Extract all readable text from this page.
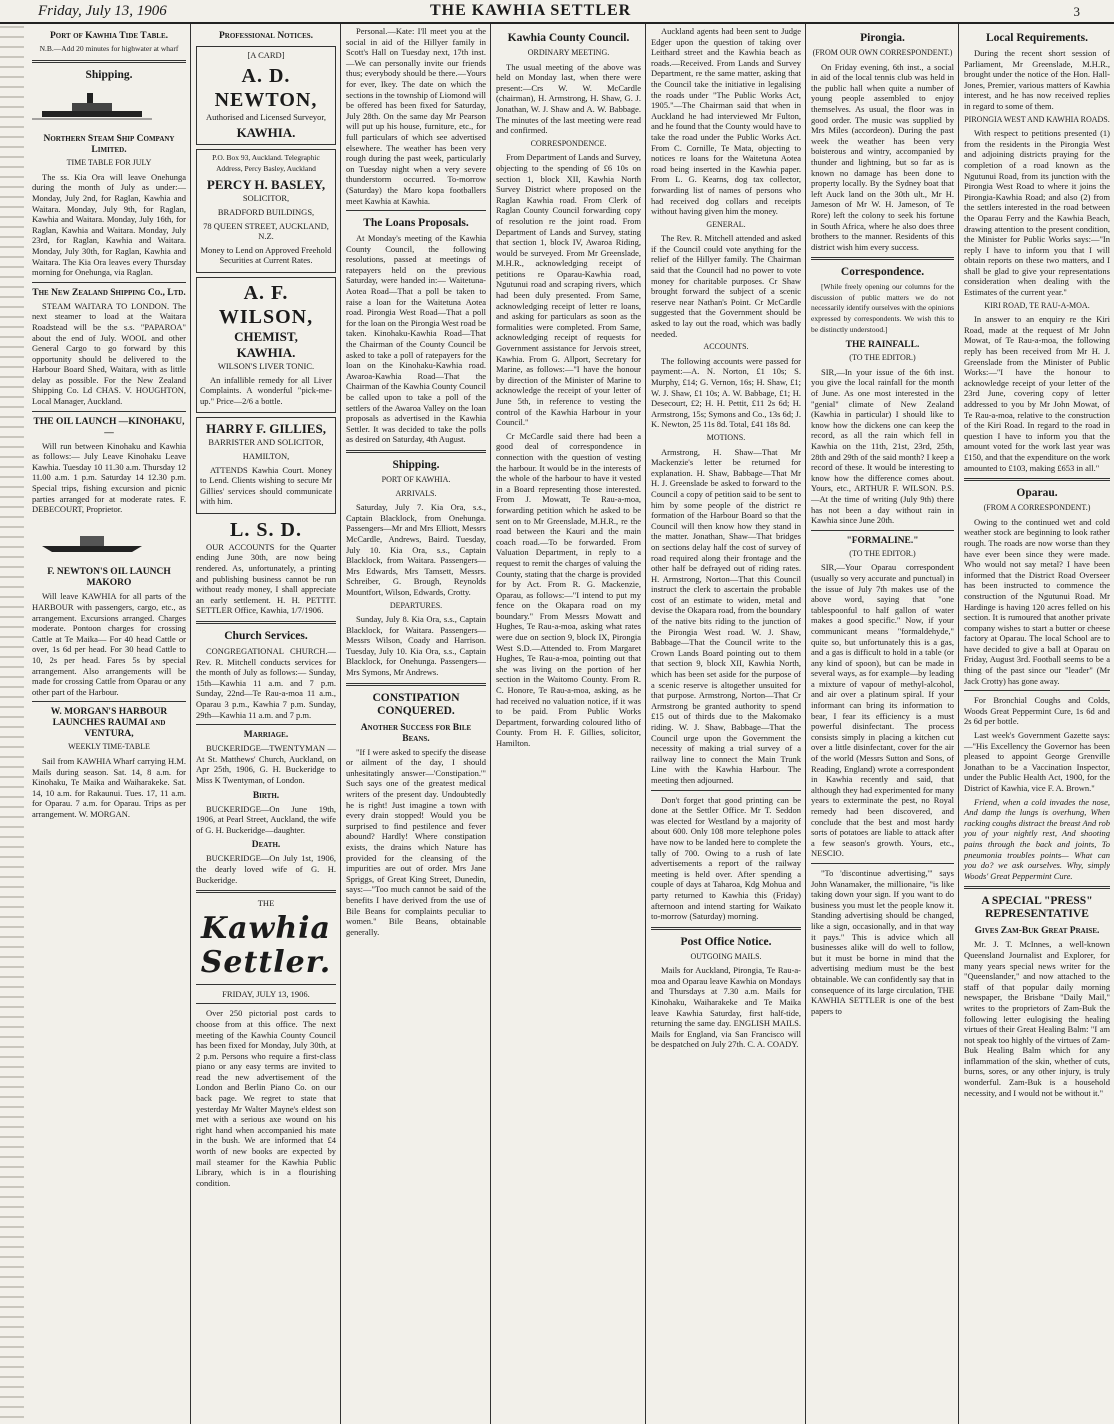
Friday, July 13, 1906	THE KAWHIA SETTLER	3
Port of Kawhia Tide Table.

N.B.—Add 20 minutes for highwater at wharf

Shipping.
Northern Steam Ship Company Limited.
TIME TABLE FOR JULY

The ss. Kia Ora will leave Onehunga during the month of July as under:— Monday, July 2nd, for Raglan, Kawhia and Waitara. Monday, July 9th, for Raglan, Kawhia and Waitara. Monday, July 16th, for Raglan, Kawhia and Waitara. Monday, July 23rd, for Raglan, Kawhia and Waitara. Monday, July 30th, for Raglan, Kawhia and Waitara. The Kia Ora leaves every Thursday morning for Onehunga, via Raglan.

The New Zealand Shipping Co., Ltd.

STEAM WAITARA TO LONDON. The next steamer to load at the Waitara Roadstead will be the s.s. "PAPAROA" about the end of July. WOOL and other General Cargo to go forward by this opportunity should be delivered to the Harbour Board Shed, Waitara, with as little delay as possible. For the New Zealand Shipping Co. Ld CHAS. V. HOUGHTON, Local Manager, Auckland.

THE OIL LAUNCH —KINOHAKU,—

Will run between Kinohaku and Kawhia as follows:— July Leave Kinohaku Leave Kawhia. Tuesday 10 11.30 a.m. Thursday 12 11.00 a.m. 1 p.m. Saturday 14 12.30 p.m. Special trips, fishing excursion and picnic parties arranged for at moderate rates. F. DEBECOURT, Proprietor.

F. NEWTON'S OIL LAUNCH MAKORO

Will leave KAWHIA for all parts of the HARBOUR with passengers, cargo, etc., as arrangement. Excursions arranged. Charges moderate. Pontoon charges for crossing Cattle at Te Maika— For 40 head Cattle or over, 1s 6d per head. For 30 head Cattle to 10, 2s per head. Fares 5s by special arrangement. Also arrangements will be made for crossing Cattle from Oparau or any other part of the Harbour.

W. MORGAN'S HARBOUR LAUNCHES RAUMAI and VENTURA,
WEEKLY TIME-TABLE

Sail from KAWHIA Wharf carrying H.M. Mails during season. Sat. 14, 8 a.m. for Kinohaku, Te Maika and Waiharakeke. Sat. 14, 10 a.m. for Rakaunui. Tues. 17, 11 a.m. for Oparau. 7 a.m. for Oparau. Trips as per arrangement. W. MORGAN.

Professional Notices.

[A CARD]

A. D. NEWTON,

Authorised and Licensed Surveyor,

KAWHIA.

P.O. Box 93, Auckland. Telegraphic Address, Percy Basley, Auckland

PERCY H. BASLEY,

SOLICITOR,

BRADFORD BUILDINGS,

78 QUEEN STREET, AUCKLAND, N.Z.

Money to Lend on Approved Freehold Securities at Current Rates.

A. F. WILSON,
CHEMIST,
KAWHIA.

WILSON'S LIVER TONIC.

An infallible remedy for all Liver Complaints. A wonderful "pick-me-up." Price—2/6 a bottle.

HARRY F. GILLIES,

BARRISTER AND SOLICITOR,

HAMILTON,

ATTENDS Kawhia Court. Money to Lend. Clients wishing to secure Mr Gillies' services should communicate with him.

L. S. D.

OUR ACCOUNTS for the Quarter ending June 30th, are now being rendered. As, unfortunately, a printing and publishing business cannot be run without ready money, I shall appreciate an early settlement. H. H. PETTIT. SETTLER Office, Kawhia, 1/7/1906.

Church Services.

CONGREGATIONAL CHURCH.—Rev. R. Mitchell conducts services for the month of July as follows:— Sunday, 15th—Kawhia 11 a.m. and 7 p.m. Sunday, 22nd—Te Rau-a-moa 11 a.m., Oparau 3 p.m., Kawhia 7 p.m. Sunday, 29th—Kawhia 11 a.m. and 7 p.m.

Marriage.

BUCKERIDGE—TWENTYMAN — At St. Matthews' Church, Auckland, on Apr 25th, 1906, G. H. Buckeridge to Miss K Twentyman, of London.

Birth.

BUCKERIDGE—On June 19th, 1906, at Pearl Street, Auckland, the wife of G. H. Buckeridge—daughter.

Death.

BUCKERIDGE—On July 1st, 1906, the dearly loved wife of G. H. Buckeridge.

THE

Kawhia Settler.

FRIDAY, JULY 13, 1906.

Over 250 pictorial post cards to choose from at this office. The next meeting of the Kawhia County Council has been fixed for Monday, July 30th, at 2 p.m. Persons who require a first-class piano or any easy terms are invited to read the new advertisement of the London and Berlin Piano Co. on our back page. We regret to state that yesterday Mr Walter Mayne's eldest son met with a serious axe wound on his right hand when accompanied his mate in the bush. We are informed that £4 worth of new books are expected by mail steamer for the Kawhia Public Library, which is in a flourishing condition.

Personal.—Kate: I'll meet you at the social in aid of the Hillyer family in Scott's Hall on Tuesday next, 17th inst.—We can personally invite our friends thus; everybody should be there.—Yours for ever, Ikey. The date on which the sections in the township of Liomond will be offered has been fixed for Saturday, July 28th. On the same day Mr Pearson will put up his house, furniture, etc., for full particulars of which see advertised elsewhere. The weather has been very rough during the past week, particularly on Tuesday night when a very severe thunderstorm occurred. To-morrow (Saturday) the Maro kopa footballers meet Kawhia at Kawhia.

The Loans Proposals.

At Monday's meeting of the Kawhia County Council, the following resolutions, passed at meetings of ratepayers held on the previous Saturday, were handed in:— Waitetuna-Aotea Road—That a poll be taken to raise a loan for the Waitetuna Aotea road. Pirongia West Road—That a poll for the loan on the Pirongia West road be taken. Kinohaku-Kawhia Road—That the Chairman of the County Council be asked to take a poll of ratepayers for the loan on the Kinohaku-Kawhia road. Awaroa-Kawhia Road—That the Chairman of the Kawhia County Council be called upon to take a poll of the settlers of the Awaroa Valley on the loan proposals as advertised in the Kawhia Settler. It was decided to take the polls as desired on Saturday, 4th August.

Shipping.
PORT OF KAWHIA.
ARRIVALS.

Saturday, July 7. Kia Ora, s.s., Captain Blacklock, from Onehunga. Passengers—Mr and Mrs Elliott, Messrs McCardle, Andrews, Baird. Tuesday, July 10. Kia Ora, s.s., Captain Blacklock, from Waitara. Passengers—Mrs Edwards, Mrs Tamsett, Messrs. Schreiber, G. Brough, Reynolds Mountfort, Wilson, Edwards, Crotty.

DEPARTURES.

Sunday, July 8. Kia Ora, s.s., Captain Blacklock, for Waitara. Passengers—Messrs Wilson, Coady and Harrison. Tuesday, July 10. Kia Ora, s.s., Captain Blacklock, for Onehunga. Passengers—Mrs Symons, Mr Andrews.

CONSTIPATION CONQUERED.
Another Success for Bile Beans.

"If I were asked to specify the disease or ailment of the day, I should unhesitatingly answer—'Constipation.'" Such says one of the greatest medical writers of the present day. Undoubtedly he is right! Just imagine a town with every drain stopped! Would you be surprised to find pestilence and fever abound? Hardly! Where constipation exists, the drains which Nature has provided for the cleansing of the impurities are out of order. Mrs Jane Spriggs, of Great King Street, Dunedin, says:—"Too much cannot be said of the benefits I have derived from the use of Bile Beans for complaints peculiar to women." Bile Beans, obtainable generally.

Kawhia County Council.
ORDINARY MEETING.

The usual meeting of the above was held on Monday last, when there were present:—Crs W. W. McCardle (chairman), H. Armstrong, H. Shaw, G. J. Jonathan, W. J. Shaw and A. W. Babbage. The minutes of the last meeting were read and confirmed.

CORRESPONDENCE.

From Department of Lands and Survey, objecting to the spending of £6 10s on section 1, block XII, Kawhia North Survey District where proposed on the Raglan Kawhia road. From Clerk of Raglan County Council forwarding copy of resolution re the joint road. From Department of Lands and Survey, stating that section 1, block IV, Awaroa Riding, would be surveyed. From Mr Greenslade, M.H.R., acknowledging receipt of petitions re Oparau-Kawhia road, Ngutunui road and scraping rivers, which had been duly presented. From Same, acknowledging receipt of letter re loans, and asking for particulars as soon as the formalities were completed. From Same, acknowledging receipt of requests for Government assistance for Jervois street, Kawhia. From G. Allport, Secretary for Marine, as follows:—"I have the honour by direction of the Minister of Marine to acknowledge the receipt of your letter of June 5th, in reference to vesting the control of the Kawhia Harbour in your Council."

Cr McCardle said there had been a good deal of correspondence in connection with the question of vesting the harbour. It would be in the interests of the whole of the harbour to have it vested in a Board representing those interested. From J. Mowatt, Te Rau-a-moa, forwarding petition which he asked to be sent on to Mr Greenslade, M.H.R., re the road between the Kauri and the main coach road.—To be forwarded. From Valuation Department, in reply to a request to remit the charges of valuing the County, stating that the charge is provided for by Act. From R. G. Mackenzie, Oparau, as follows:—"I intend to put my fence on the Okapara road on my boundary." From Messrs Mowatt and Hughes, Te Rau-a-moa, asking what rates were due on section 9, block IX, Pirongia West S.D.—Attended to. From Margaret Hughes, Te Rau-a-moa, pointing out that she was living on the portion of her section in the Waitomo County. From R. C. Honore, Te Rau-a-moa, asking, as he had received no valuation notice, if it was to be paid. From Public Works Department, forwarding coloured litho of County. From H. F. Gillies, solicitor, Hamilton.

Auckland agents had been sent to Judge Edger upon the question of taking over Leithard street and the Kawhia beach as roads.—Received. From Lands and Survey Department, re the same matter, asking that the Council take the initiative in legalising the roads under "The Public Works Act, 1905."—The Chairman said that when in Auckland he had interviewed Mr Fulton, and he found that the County would have to take the road under the Public Works Act. From C. Cornille, Te Mata, objecting to notices re loans for the Waitetuna Aotea road being inserted in the Kawhia paper. From L. G. Kearns, dog tax collector, forwarding list of names of persons who had received dog collars and receipts without having given him the money.

GENERAL.

The Rev. R. Mitchell attended and asked if the Council could vote anything for the relief of the Hillyer family. The Chairman said that the Council had no power to vote money for charitable purposes. Cr Shaw brought forward the subject of a scenic reserve near Nathan's Point. Cr McCardle suggested that the Government should be asked to lay out the road, which was badly needed.

ACCOUNTS.

The following accounts were passed for payment:—A. N. Norton, £1 10s; S. Murphy, £14; G. Vernon, 16s; H. Shaw, £1; W. J. Shaw, £1 10s; A. W. Babbage, £1; H. Desecourt, £2; H. H. Pettit, £11 2s 6d; H. Armstrong, 15s; Symons and Co., 13s 6d; J. K. Newton, 25 11s 8d. Total, £41 18s 8d.

MOTIONS.

Armstrong, H. Shaw—That Mr Mackenzie's letter be returned for explanation. H. Shaw, Babbage—That Mr H. J. Greenslade be asked to forward to the Council a copy of petition said to be sent to him by some people of the district re formation of the Harbour Board so that the Council will then know how they stand in the matter. Jonathan, Shaw—That bridges on sections delay half the cost of survey of road required along their frontage and the other half be defrayed out of riding rates. H. Armstrong, Norton—That this Council instruct the clerk to ascertain the probable cost of an estimate to widen, metal and devise the Okapara road, from the boundary of the native bits riding to the junction of the Pirongia West road. W. J. Shaw, Babbage—That the Council write to the Crown Lands Board pointing out to them that section 9, block XII, Kawhia North, which has been set aside for the purpose of a scenic reserve is altogether unsuited for that purpose. Armstrong, Norton—That Cr Armstrong be granted authority to spend £15 out of thirds due to the Makomako riding. W. J. Shaw, Babbage—That the Council urge upon the Government the necessity of making a trial survey of a railway line to connect the Main Trunk Line with the Kawhia Harbour. The meeting then adjourned.

Don't forget that good printing can be done at the Settler Office. Mr T. Seddon was elected for Westland by a majority of about 600. Only 108 more telephone poles have now to be landed here to complete the tally of 700. Owing to a rush of late advertisements a report of the railway meeting is held over. After spending a couple of days at Taharoa, Kdg Mohua and party returned to Kawhia this (Friday) afternoon and intend starting for Waikato to-morrow (Saturday) morning.

Post Office Notice.
OUTGOING MAILS.

Mails for Auckland, Pirongia, Te Rau-a-moa and Oparau leave Kawhia on Mondays and Thursdays at 7.30 a.m. Mails for Kinohaku, Waiharakeke and Te Maika leave Kawhia Saturday, first half-tide, returning the same day. ENGLISH MAILS. Mails for England, via San Francisco will be despatched on July 27th. C. A. COADY.

Pirongia.
(FROM OUR OWN CORRESPONDENT.)

On Friday evening, 6th inst., a social in aid of the local tennis club was held in the public hall when quite a number of young people assembled to enjoy themselves. As usual, the floor was in good order. The music was supplied by Mrs Miles (accordeon). During the past week the weather has been very boisterous and wintry, accompanied by thunder and lightning, but so far as is known no damage has been done to property locally. By the Sydney boat that left Auck land on the 30th ult., Mr H. Jameson of Mr W. H. Jameson, of Te Rore) left the colony to seek his fortune in South Africa, where he also does three brothers to the manner. Residents of this district wish him every success.

Correspondence.

[While freely opening our columns for the discussion of public matters we do not necessarily identify ourselves with the opinions expressed by correspondents. We wish this to be distinctly understood.]

THE RAINFALL.
(TO THE EDITOR.)

SIR,—In your issue of the 6th inst. you give the local rainfall for the month of June. As one most interested in the "genial" climate of New Zealand (Kawhia in particular) I should like to know how the dickens one can keep the record, as all the rain which fell in Kawhia on the 11th, 21st, 23rd, 25th, 28th and 29th of the said month? I keep a record of these. It would be interesting to know how the difference comes about. Yours, etc., ARTHUR F. WILSON. P.S.—At the time of writing (July 9th) there has not been a day without rain in Kawhia since June 20th.

"FORMALINE."
(TO THE EDITOR.)

SIR,—Your Oparau correspondent (usually so very accurate and punctual) in the issue of July 7th makes use of the above word, saying that "one tablespoonful to half gallon of water makes a good specific." Now, if your communicant means "formaldehyde," quite so, but unfortunately this is a gas, and a gas is difficult to hold in a table (or any kind of spoon), but can be made in several ways, as for example—by leading a mixture of vapour of methyl-alcohol, and air over a platinum spiral. If your informant can bring its information to bear, I fear its efficiency is a must powerful disinfectant. The process consists simply in placing a kitchen cut over a little disinfectant, cover for the air of the world (Messrs Sutton and Sons, of Reading, England) wrote a correspondent in Kawhia recently and said, that although they had experimented for many years to exterminate the pest, no Royal remedy had been discovered, and conclude that the best and most hardy sorts of potatoes are liable to attack after a few season's growth. Yours, etc., NESCIO.

"To 'discontinue advertising,'" says John Wanamaker, the millionaire, "is like taking down your sign. If you want to do business you must let the people know it. Standing advertising should be changed, like a sign, occasionally, and in that way it pays." This is advice which all businesses alike will do well to follow, but it must be borne in mind that the advertising medium must be the best obtainable. We can confidently say that in consequence of its large circulation, THE KAWHIA SETTLER is one of the best papers to

Local Requirements.

During the recent short session of Parliament, Mr Greenslade, M.H.R., brought under the notice of the Hon. Hall-Jones, Premier, various matters of Kawhia interest, and he has now received replies in regard to some of them.

PIRONGIA WEST AND KAWHIA ROADS.

With respect to petitions presented (1) from the residents in the Pirongia West and adjoining districts praying for the completion of a road known as the Ngutunui Road, from its junction with the Pirongia West Road to where it joins the Pirongia-Kawhia Road; and also (2) from the settlers interested in the road between the Oparau Ferry and the Kawhia Beach, drawing attention to the present condition, the Minister for Public Works says:—"In reply I have to inform you that I will obtain reports on these two matters, and I shall be glad to give your representations consideration when dealing with the Estimates of the current year."

KIRI ROAD, TE RAU-A-MOA.

In answer to an enquiry re the Kiri Road, made at the request of Mr John Mowat, of Te Rau-a-moa, the following reply has been received from Mr H. J. Greenslade from the Minister of Public Works:—"I have the honour to acknowledge receipt of your letter of the 23rd June, covering copy of letter addressed to you by Mr John Mowat, of Te Rau-a-moa, relative to the construction of the Kiri Road. In regard to the road in question I have to inform you that the amount voted for the work last year was £150, and that the expenditure on the work amounted to £103, making £653 in all."

Oparau.
(FROM A CORRESPONDENT.)

Owing to the continued wet and cold weather stock are beginning to look rather rough. The roads are now worse than they have ever been since they were made. Who would not say metal? I have been informed that the District Road Overseer has been instructed to commence the construction of the Ngutunui Road. Mr Hardinge is having 120 acres felled on his section. It is rumoured that another private company wishes to start a butter or cheese factory at Oparau. The local School are to have decided to give a ball at Oparau on Friday, August 3rd. Football seems to be a thing of the past since our "leader" (Mr Jack Crotty) has gone away.

For Bronchial Coughs and Colds, Woods Great Peppermint Cure, 1s 6d and 2s 6d per bottle.

Last week's Government Gazette says:—"His Excellency the Governor has been pleased to appoint George Grenville Jonathan to be a Vaccination Inspector, under the Public Health Act, 1900, for the District of Kawhia, vice F. A. Brown."

Friend, when a cold invades the nose, And damp the lungs is overhung, When racking coughs distract the breast And rob you of your nightly rest, And shooting pains through the back and joints, To pneumonia troubles points— What can you do? we ask ourselves. Why, simply Woods' Great Peppermint Cure.

A SPECIAL "PRESS" REPRESENTATIVE
Gives Zam-Buk Great Praise.

Mr. J. T. McInnes, a well-known Queensland Journalist and Explorer, for many years special news writer for the "Queenslander," and now attached to the staff of that popular daily morning newspaper, the Brisbane "Daily Mail," writes to the proprietors of Zam-Buk the following letter eulogising the healing virtues of their Great Healing Balm: "I am not speak too highly of the virtues of Zam-Buk Healing Balm which for any inflammation of the skin, whether of cuts, burns, sores, or any other injury, is truly wonderful. Zam-Buk is a household necessity, and I would not be without it."
